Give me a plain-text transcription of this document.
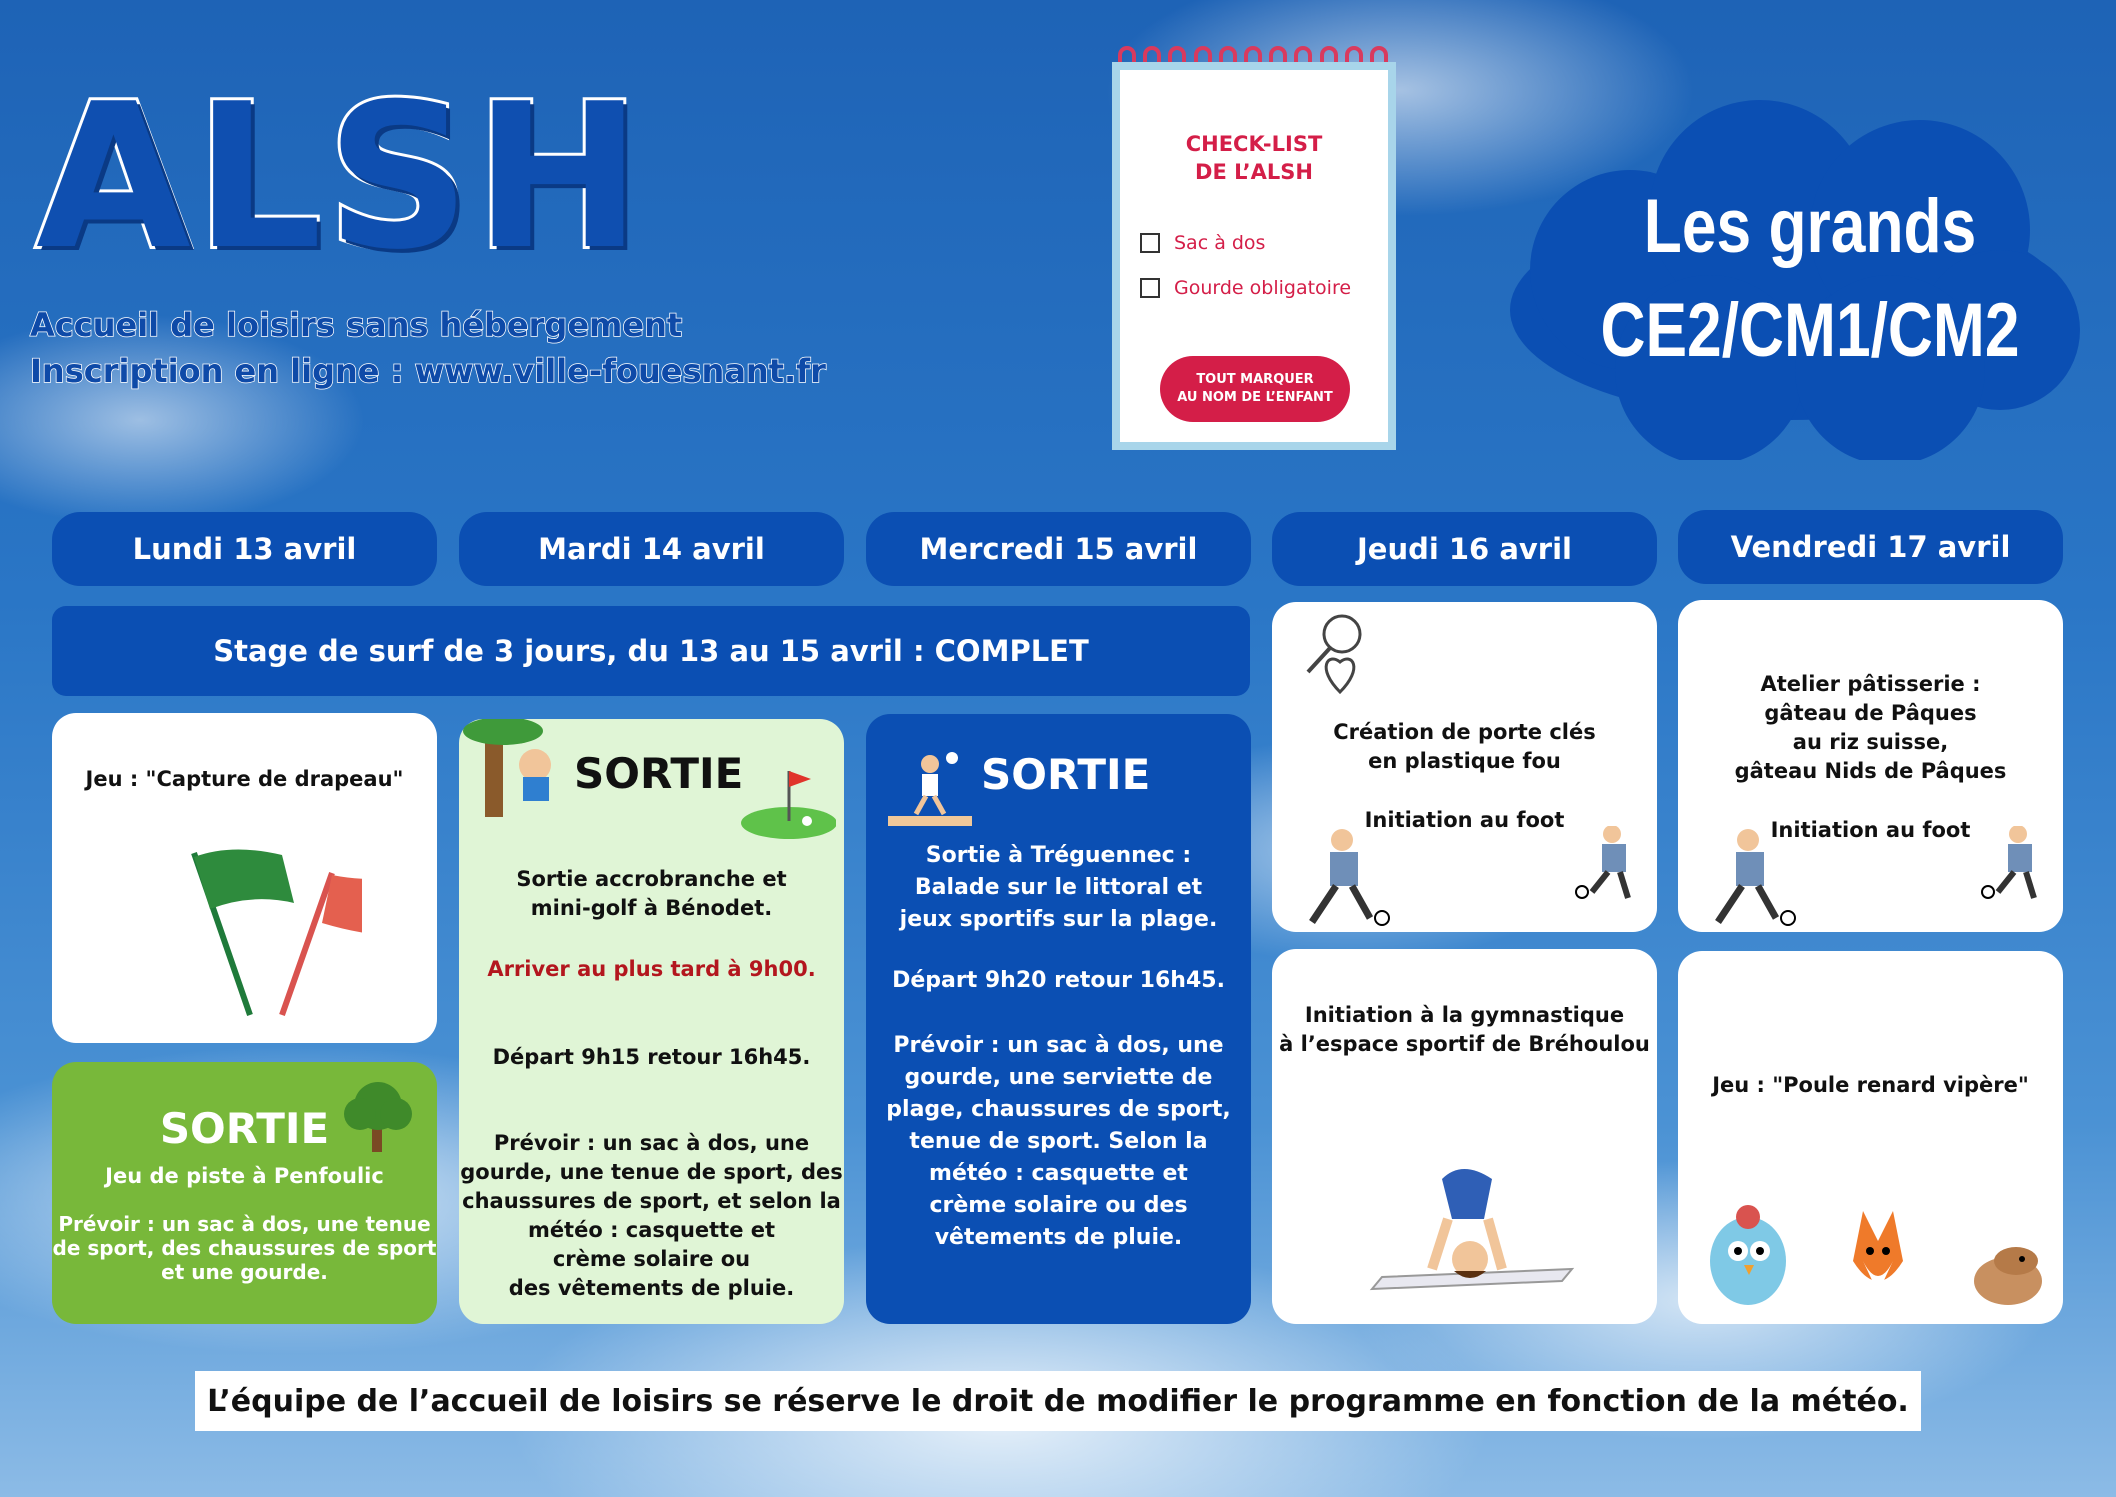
ALSH
Accueil de loisirs sans hébergement
Inscription en ligne : www.ville-fouesnant.fr
CHECK-LIST
DE L’ALSH
Sac à dos
Gourde obligatoire
TOUT MARQUER
AU NOM DE L’ENFANT
Les grands
CE2/CM1/CM2
Lundi 13 avril	Mardi 14 avril	Mercredi 15 avril	Jeudi 16 avril	Vendredi 17 avril
Stage de surf de 3 jours, du 13 au 15 avril : COMPLET
Jeu : "Capture de drapeau"
SORTIE
Jeu de piste à Penfoulic
Prévoir : un sac à dos, une tenue
de sport, des chaussures de sport
et une gourde.
SORTIE
Sortie accrobranche et
mini-golf à Bénodet.
Arriver au plus tard à 9h00.
Départ 9h15 retour 16h45.
Prévoir : un sac à dos, une
gourde, une tenue de sport, des
chaussures de sport, et selon la
météo : casquette et
crème solaire ou
des vêtements de pluie.
SORTIE
Sortie à Tréguennec :
Balade sur le littoral et
jeux sportifs sur la plage.
Départ 9h20 retour 16h45.
Prévoir : un sac à dos, une
gourde, une serviette de
plage, chaussures de sport,
tenue de sport. Selon la
météo : casquette et
crème solaire ou des
vêtements de pluie.
Création de porte clés
en plastique fou
Initiation au foot
Initiation à la gymnastique
à l’espace sportif de Bréhoulou
Atelier pâtisserie :
gâteau de Pâques
au riz suisse,
gâteau Nids de Pâques
Initiation au foot
Jeu : "Poule renard vipère"
L’équipe de l’accueil de loisirs se réserve le droit de modifier le programme en fonction de la météo.
